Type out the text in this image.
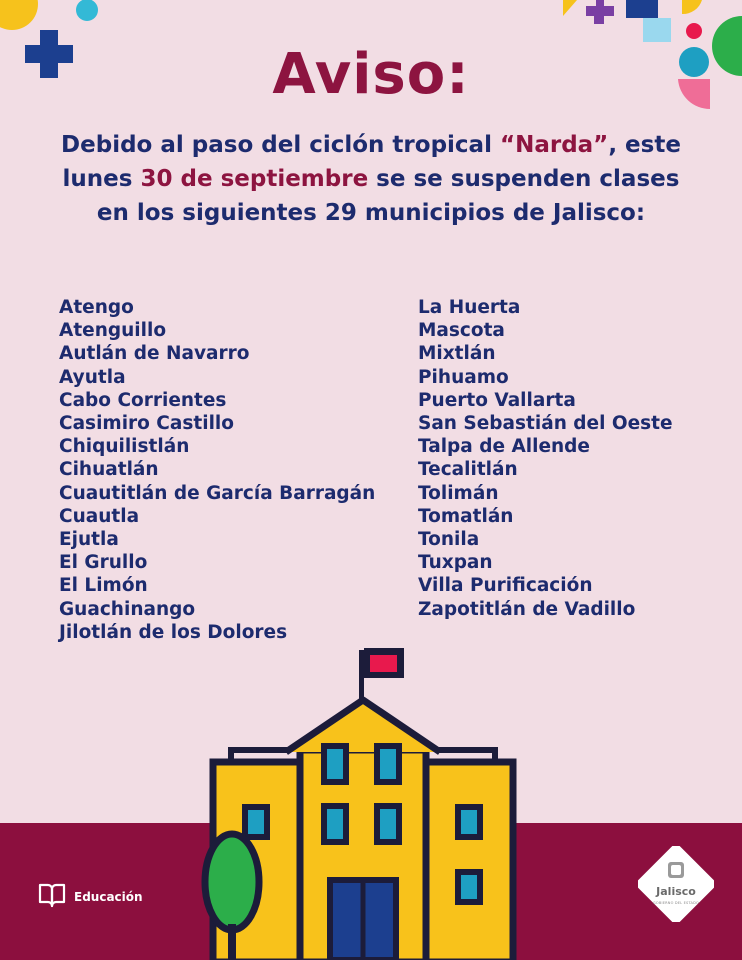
Aviso:
Debido al paso del ciclón tropical “Narda”, este lunes 30 de septiembre se se suspenden clases en los siguientes 29 municipios de Jalisco:
Atengo
Atenguillo
Autlán de Navarro
Ayutla
Cabo Corrientes
Casimiro Castillo
Chiquilistlán
Cihuatlán
Cuautitlán de García Barragán
Cuautla
Ejutla
El Grullo
El Limón
Guachinango
Jilotlán de los Dolores
La Huerta
Mascota
Mixtlán
Pihuamo
Puerto Vallarta
San Sebastián del Oeste
Talpa de Allende
Tecalitlán
Tolimán
Tomatlán
Tonila
Tuxpan
Villa Purificación
Zapotitlán de Vadillo
Educación	Jalisco
GOBIERNO DEL ESTADO
